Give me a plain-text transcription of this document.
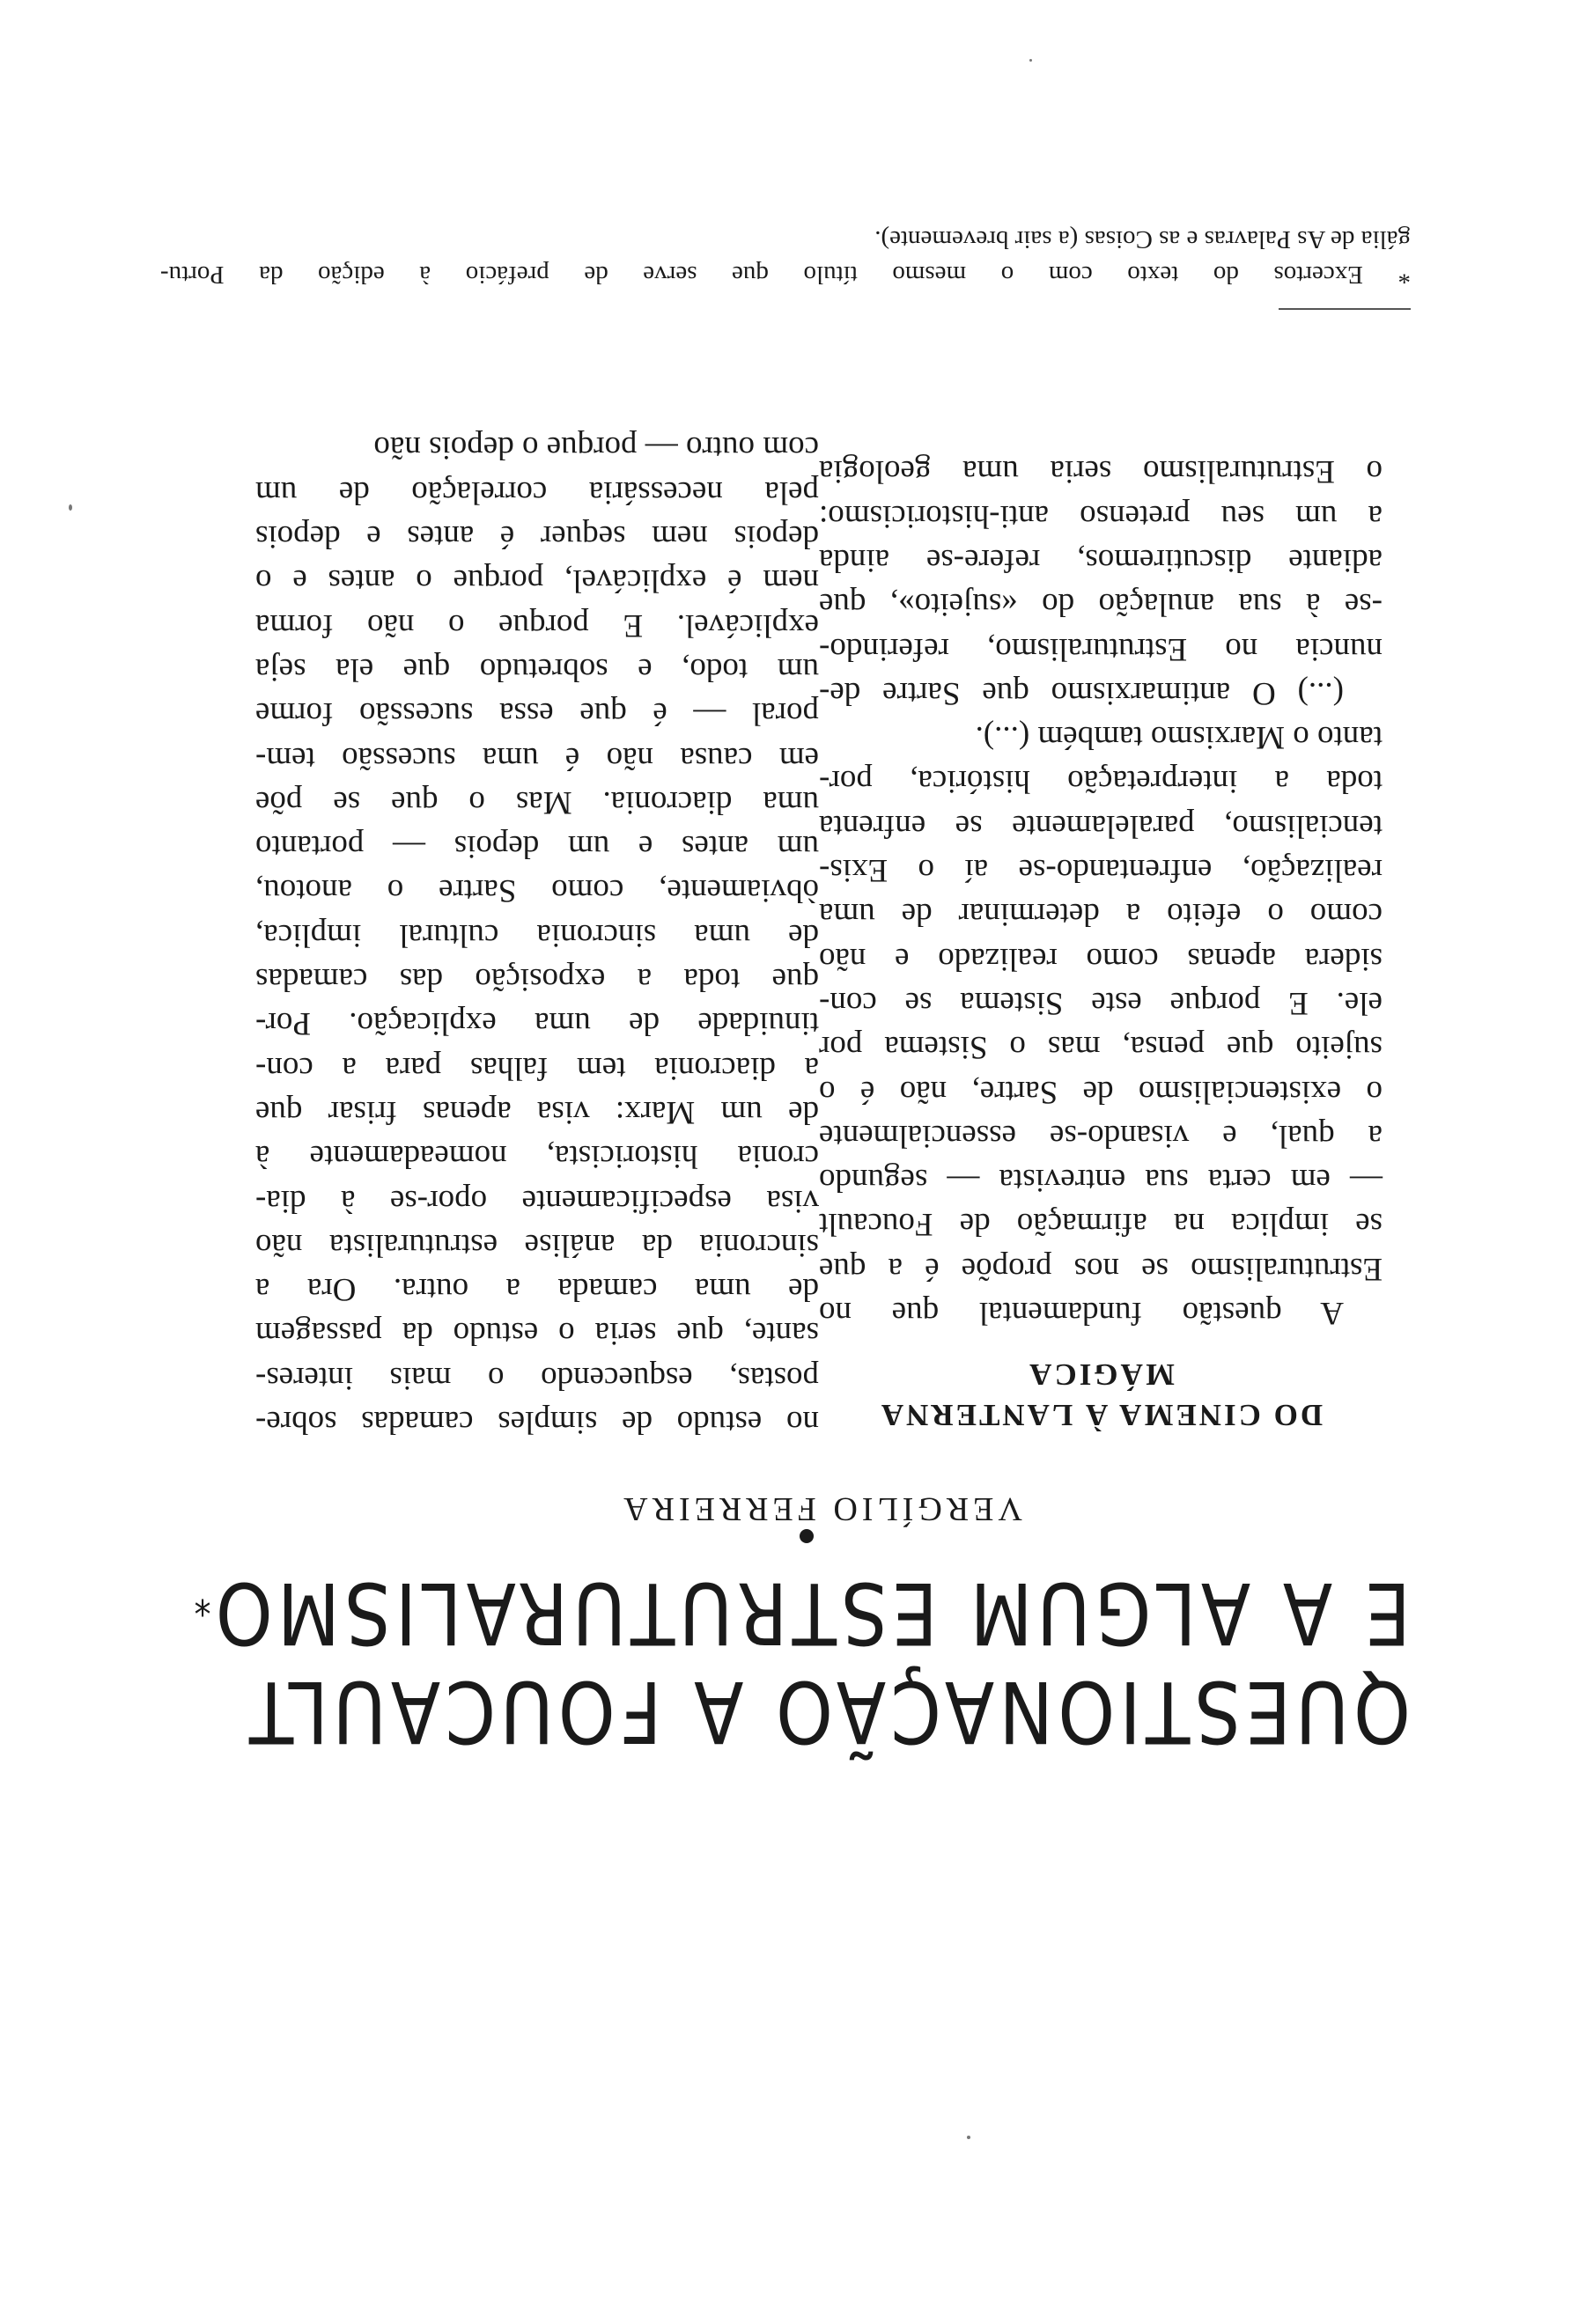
QUESTIONAÇÃO A FOUCAULT
E A ALGUM ESTRUTURALISMO*

VERGÍLIO FERREIRA

DO CINEMA À LANTERNA
MÁGICA

A questão fundamental que no

Estruturalismo se nos propõe é a que

se implica na afirmação de Foucault

— em certa sua entrevista — segundo

a qual, e visando-se essencialmente

o existencialismo de Sartre, não é o

sujeito que pensa, mas o Sistema por

ele. E porque este Sistema se con-

sidera apenas como realizado e não

como o efeito a determinar de uma

realização, enfrentando-se aí o Exis-

tencialismo, paralelamente se enfrenta

toda a interpretação histórica, por-

tanto o Marxismo também (...).

(...) O antimarxismo que Sartre de-

nuncia no Estruturalismo, referindo-

-se à sua anulação do «sujeito», que

adiante discutiremos, refere-se ainda

a um seu pretenso anti-historicismo:

o Estruturalismo seria uma geologia

no estudo de simples camadas sobre-

postas, esquecendo o mais interes-

sante, que seria o estudo da passagem

de uma camada a outra. Ora a

sincronia da análise estruturalista não

visa especificamente opor-se à dia-

cronia historicista, nomeadamente à

de um Marx: visa apenas frisar que

a diacronia tem falhas para a con-

tinuidade de uma explicação. Por-

que toda a exposição das camadas

de uma sincronia cultural implica,

òbviamente, como Sartre o anotou,

um antes e um depois — portanto

uma diacronia. Mas o que se põe

em causa não é uma sucessão tem-

poral — é que essa sucessão forme

um todo, e sobretudo que ela seja

explicável. E porque o não forma

nem é explicável, porque o antes e o

depois nem sequer é antes e depois

pela necessária correlação de um

com outro — porque o depois não

* Excertos do texto com o mesmo título que serve de prefácio à edição da Portu-

gália de As Palavras e as Coisas (a sair brevemente).
